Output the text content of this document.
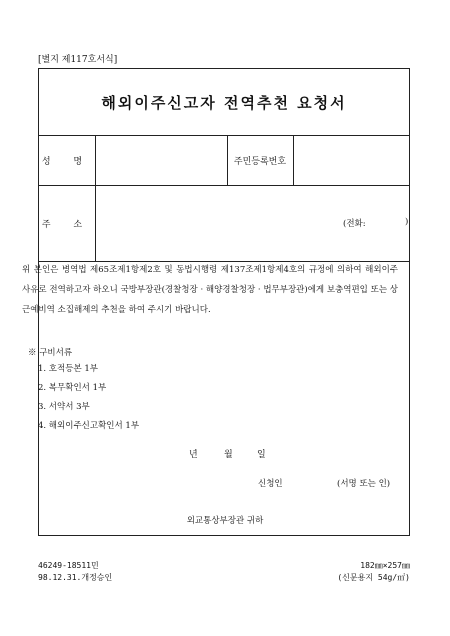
[별지 제117호서식]
해외이주신고자 전역추천 요청서
성 명	주민등록번호
주 소	(전화:	)

위 본인은 병역법 제65조제1항제2호 및 동법시행령 제137조제1항제4호의 규정에 의하여 해외이주사유로 전역하고자 하오니 국방부장관(경찰청장 · 해양경찰청장 · 법무부장관)에게 보충역편입 또는 상근예비역 소집해제의 추천을 하여 주시기 바랍니다.

※ 구비서류
1. 호적등본 1부
2. 복무확인서 1부
3. 서약서 3부
4. 해외이주신고확인서 1부
년	월	일
신청인	(서명 또는 인)
외교통상부장관 귀하
46249-18511민
98.12.31.개정승인
182㎜×257㎜
(신문용지 54g/㎡)
